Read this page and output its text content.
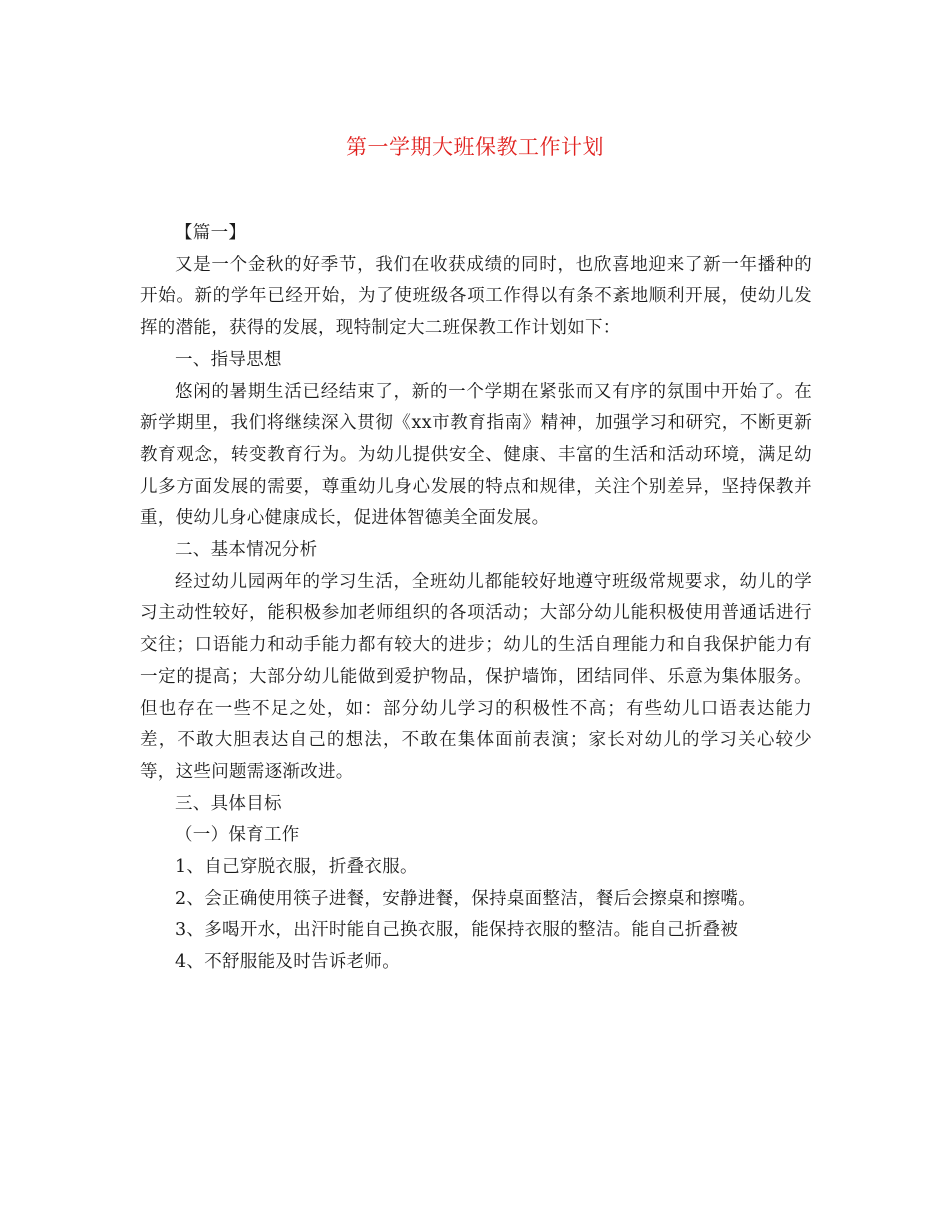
第一学期大班保教工作计划

【篇一】

又是一个金秋的好季节，我们在收获成绩的同时，也欣喜地迎来了新一年播种的开始。新的学年已经开始，为了使班级各项工作得以有条不紊地顺利开展，使幼儿发挥的潜能，获得的发展，现特制定大二班保教工作计划如下：

一、指导思想

悠闲的暑期生活已经结束了，新的一个学期在紧张而又有序的氛围中开始了。在新学期里，我们将继续深入贯彻《xx市教育指南》精神，加强学习和研究，不断更新教育观念，转变教育行为。为幼儿提供安全、健康、丰富的生活和活动环境，满足幼儿多方面发展的需要，尊重幼儿身心发展的特点和规律，关注个别差异，坚持保教并重，使幼儿身心健康成长，促进体智德美全面发展。

二、基本情况分析

经过幼儿园两年的学习生活，全班幼儿都能较好地遵守班级常规要求，幼儿的学习主动性较好，能积极参加老师组织的各项活动；大部分幼儿能积极使用普通话进行交往；口语能力和动手能力都有较大的进步；幼儿的生活自理能力和自我保护能力有一定的提高；大部分幼儿能做到爱护物品，保护墙饰，团结同伴、乐意为集体服务。但也存在一些不足之处，如：部分幼儿学习的积极性不高；有些幼儿口语表达能力差，不敢大胆表达自己的想法，不敢在集体面前表演；家长对幼儿的学习关心较少等，这些问题需逐渐改进。

三、具体目标

（一）保育工作

1、自己穿脱衣服，折叠衣服。

2、会正确使用筷子进餐，安静进餐，保持桌面整洁，餐后会擦桌和擦嘴。

3、多喝开水，出汗时能自己换衣服，能保持衣服的整洁。能自己折叠被

4、不舒服能及时告诉老师。
